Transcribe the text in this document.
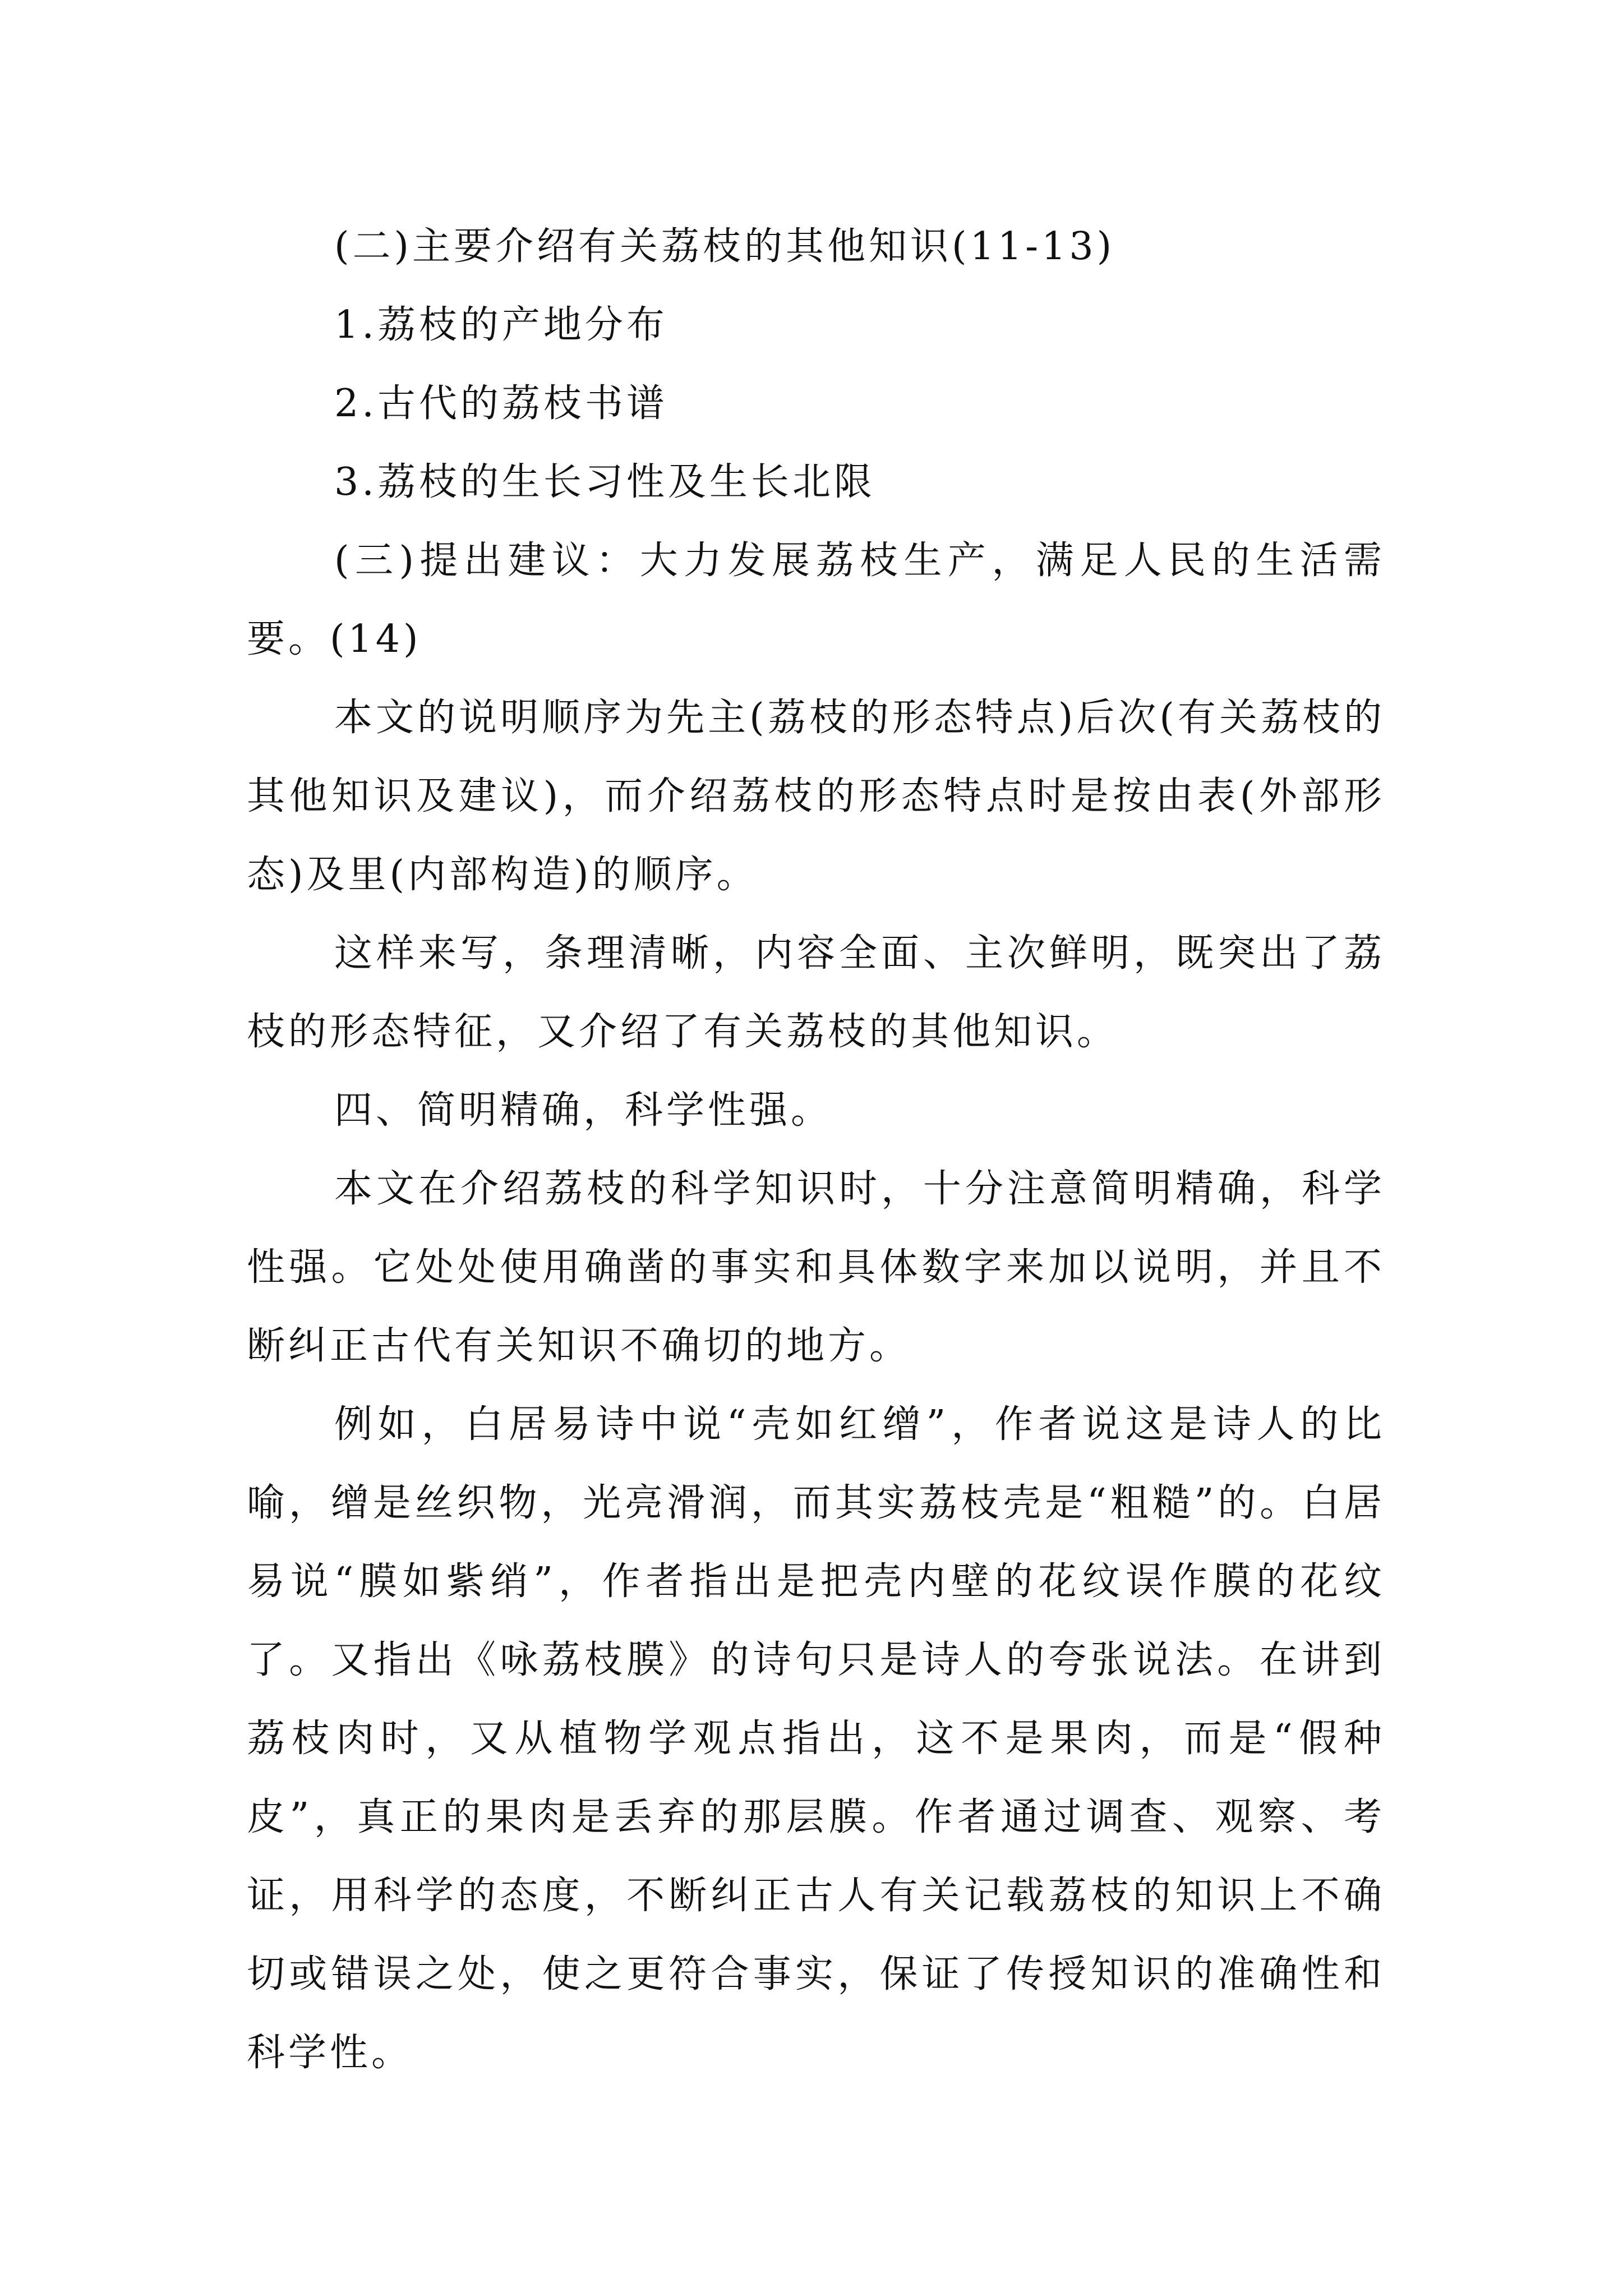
(二)主要介绍有关荔枝的其他知识(11-13)

1.荔枝的产地分布

2.古代的荔枝书谱

3.荔枝的生长习性及生长北限

(三)提出建议：大力发展荔枝生产，满足人民的生活需要。(14)

本文的说明顺序为先主(荔枝的形态特点)后次(有关荔枝的其他知识及建议)，而介绍荔枝的形态特点时是按由表(外部形态)及里(内部构造)的顺序。

这样来写，条理清晰，内容全面、主次鲜明，既突出了荔枝的形态特征，又介绍了有关荔枝的其他知识。

四、简明精确，科学性强。

本文在介绍荔枝的科学知识时，十分注意简明精确，科学性强。它处处使用确凿的事实和具体数字来加以说明，并且不断纠正古代有关知识不确切的地方。

例如，白居易诗中说“壳如红缯”，作者说这是诗人的比喻，缯是丝织物，光亮滑润，而其实荔枝壳是“粗糙”的。白居易说“膜如紫绡”，作者指出是把壳内壁的花纹误作膜的花纹了。又指出《咏荔枝膜》的诗句只是诗人的夸张说法。在讲到荔枝肉时，又从植物学观点指出，这不是果肉，而是“假种皮”，真正的果肉是丢弃的那层膜。作者通过调查、观察、考证，用科学的态度，不断纠正古人有关记载荔枝的知识上不确切或错误之处，使之更符合事实，保证了传授知识的准确性和科学性。
